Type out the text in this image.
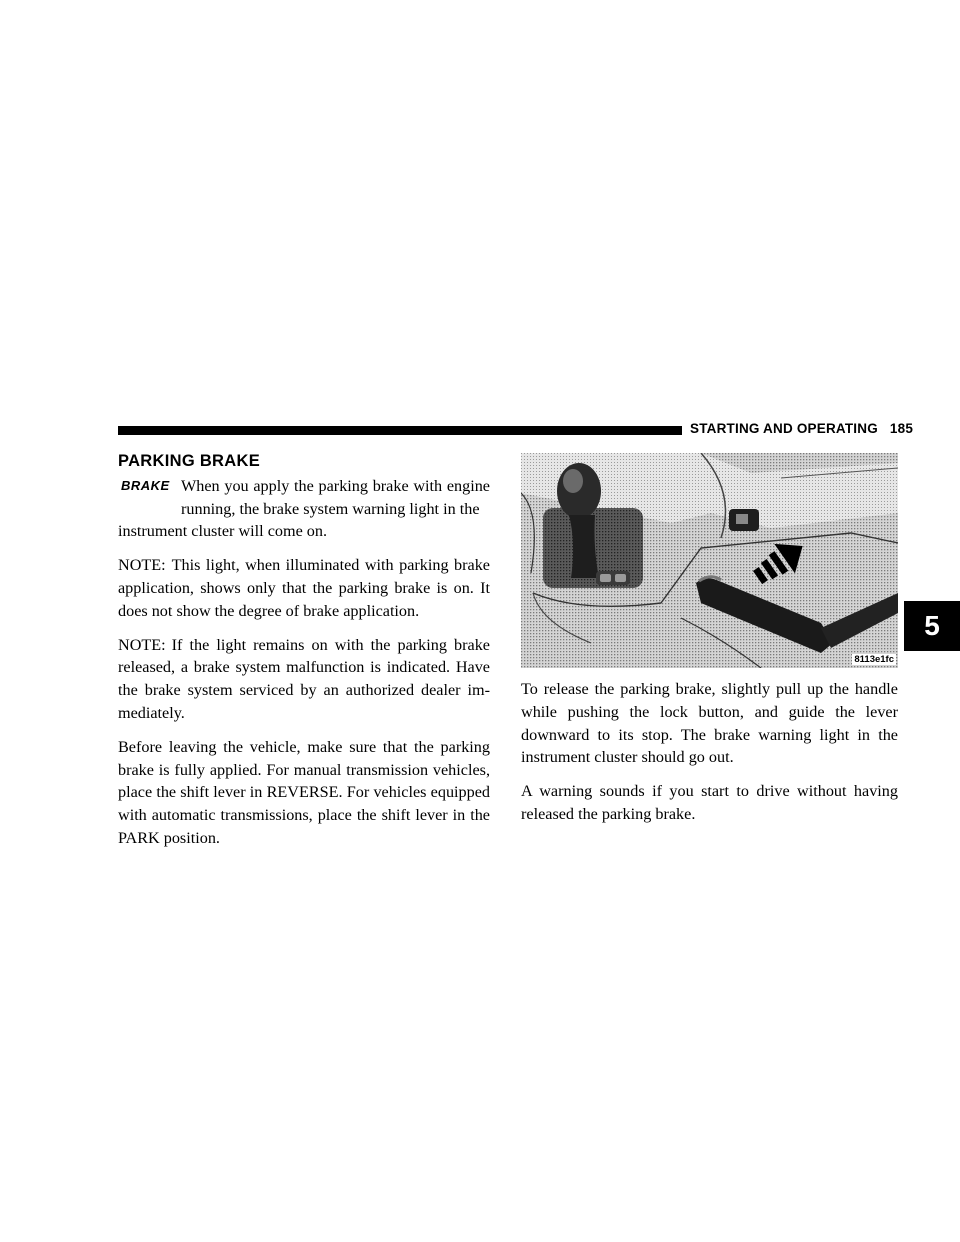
STARTING AND OPERATING 185
5
PARKING BRAKE

BRAKE When you apply the parking brake with engine running, the brake system warning light in the

instrument cluster will come on.

NOTE: This light, when illuminated with parking brake application, shows only that the parking brake is on. It does not show the degree of brake application.

NOTE: If the light remains on with the parking brake released, a brake system malfunction is indicated. Have the brake system serviced by an authorized dealer im-mediately.

Before leaving the vehicle, make sure that the parking brake is fully applied. For manual transmission vehicles, place the shift lever in REVERSE. For vehicles equipped with automatic transmissions, place the shift lever in the PARK position.

8113e1fc

To release the parking brake, slightly pull up the handle while pushing the lock button, and guide the lever downward to its stop. The brake warning light in the instrument cluster should go out.

A warning sounds if you start to drive without having released the parking brake.
